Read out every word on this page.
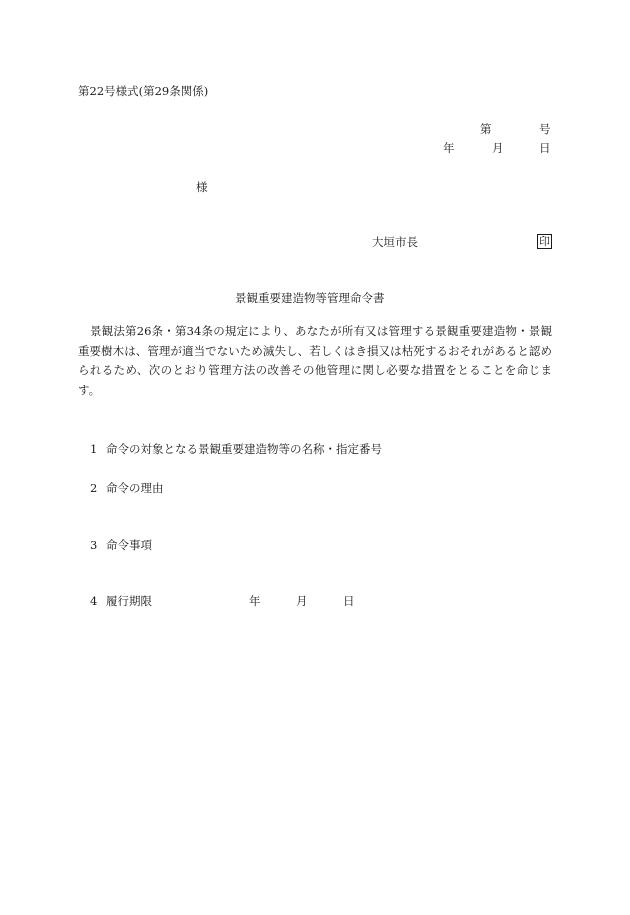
第22号様式(第29条関係)
第	号
年	月	日
様
大垣市長	印
景観重要建造物等管理命令書
景観法第26条・第34条の規定により、あなたが所有又は管理する景観重要建造物・景観重要樹木は、管理が適当でないため滅失し、若しくはき損又は枯死するおそれがあると認められるため、次のとおり管理方法の改善その他管理に関し必要な措置をとることを命じます。
1 命令の対象となる景観重要建造物等の名称・指定番号
2 命令の理由
3 命令事項
4 履行期限	年	月	日
